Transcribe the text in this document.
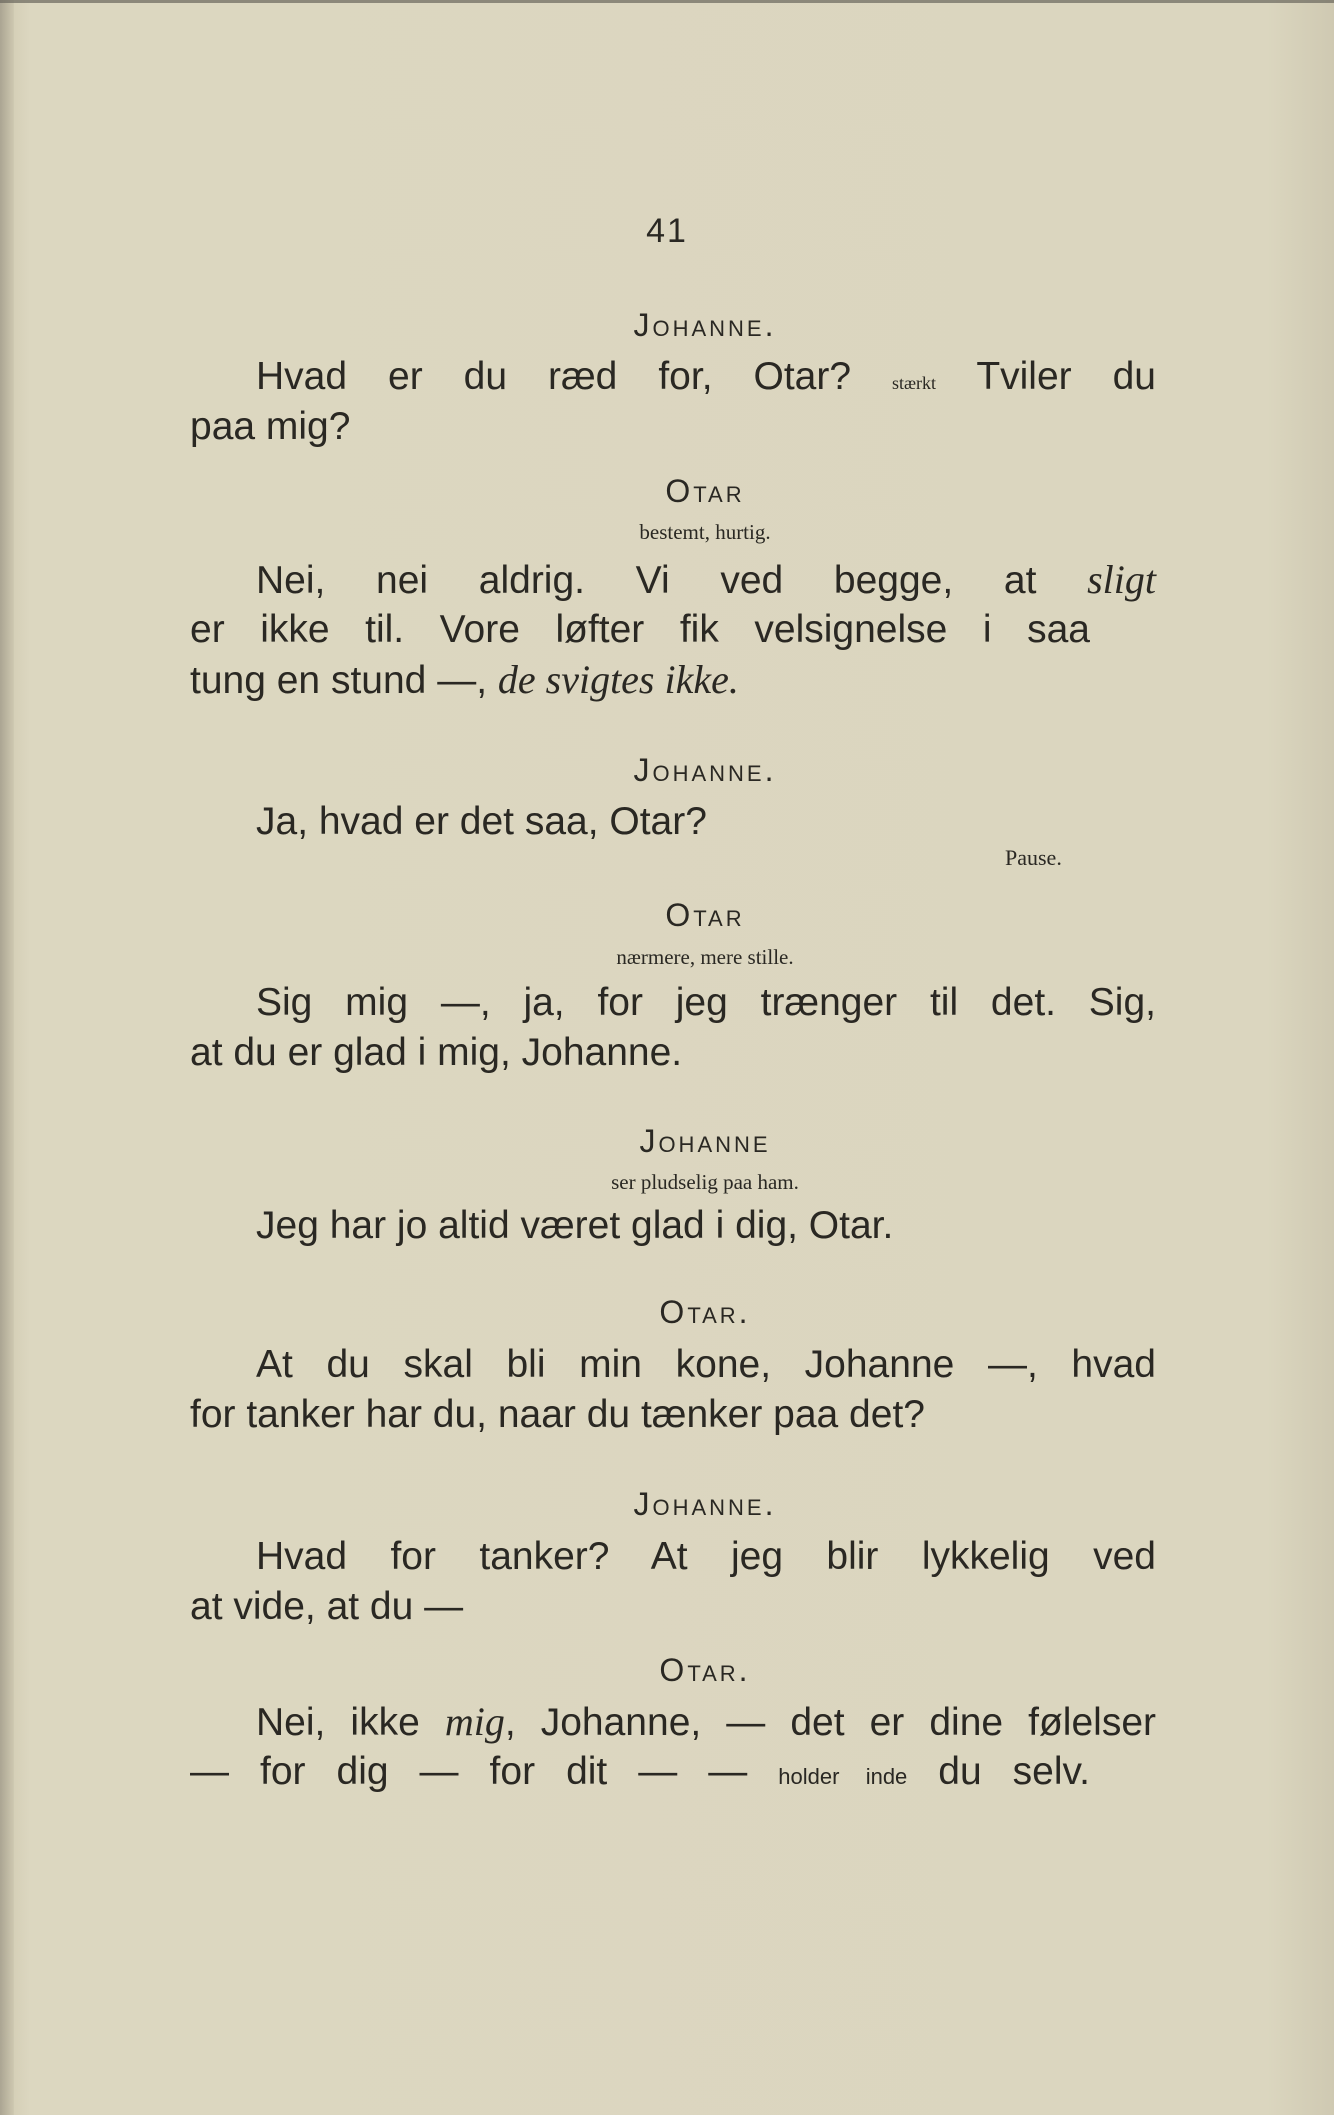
41
Johanne.
Hvad er du ræd for, Otar? stærkt Tviler du
paa mig?
Otar
bestemt, hurtig.
Nei, nei aldrig. Vi ved begge, at sligt
er ikke til. Vore løfter fik velsignelse i saa
tung en stund —, de svigtes ikke.
Johanne.
Ja, hvad er det saa, Otar?
Pause.
Otar
nærmere, mere stille.
Sig mig —, ja, for jeg trænger til det. Sig,
at du er glad i mig, Johanne.
Johanne
ser pludselig paa ham.
Jeg har jo altid været glad i dig, Otar.
Otar.
At du skal bli min kone, Johanne —, hvad
for tanker har du, naar du tænker paa det?
Johanne.
Hvad for tanker? At jeg blir lykkelig ved
at vide, at du —
Otar.
Nei, ikke mig, Johanne, — det er dine følelser
— for dig — for dit — — holder inde du selv.
